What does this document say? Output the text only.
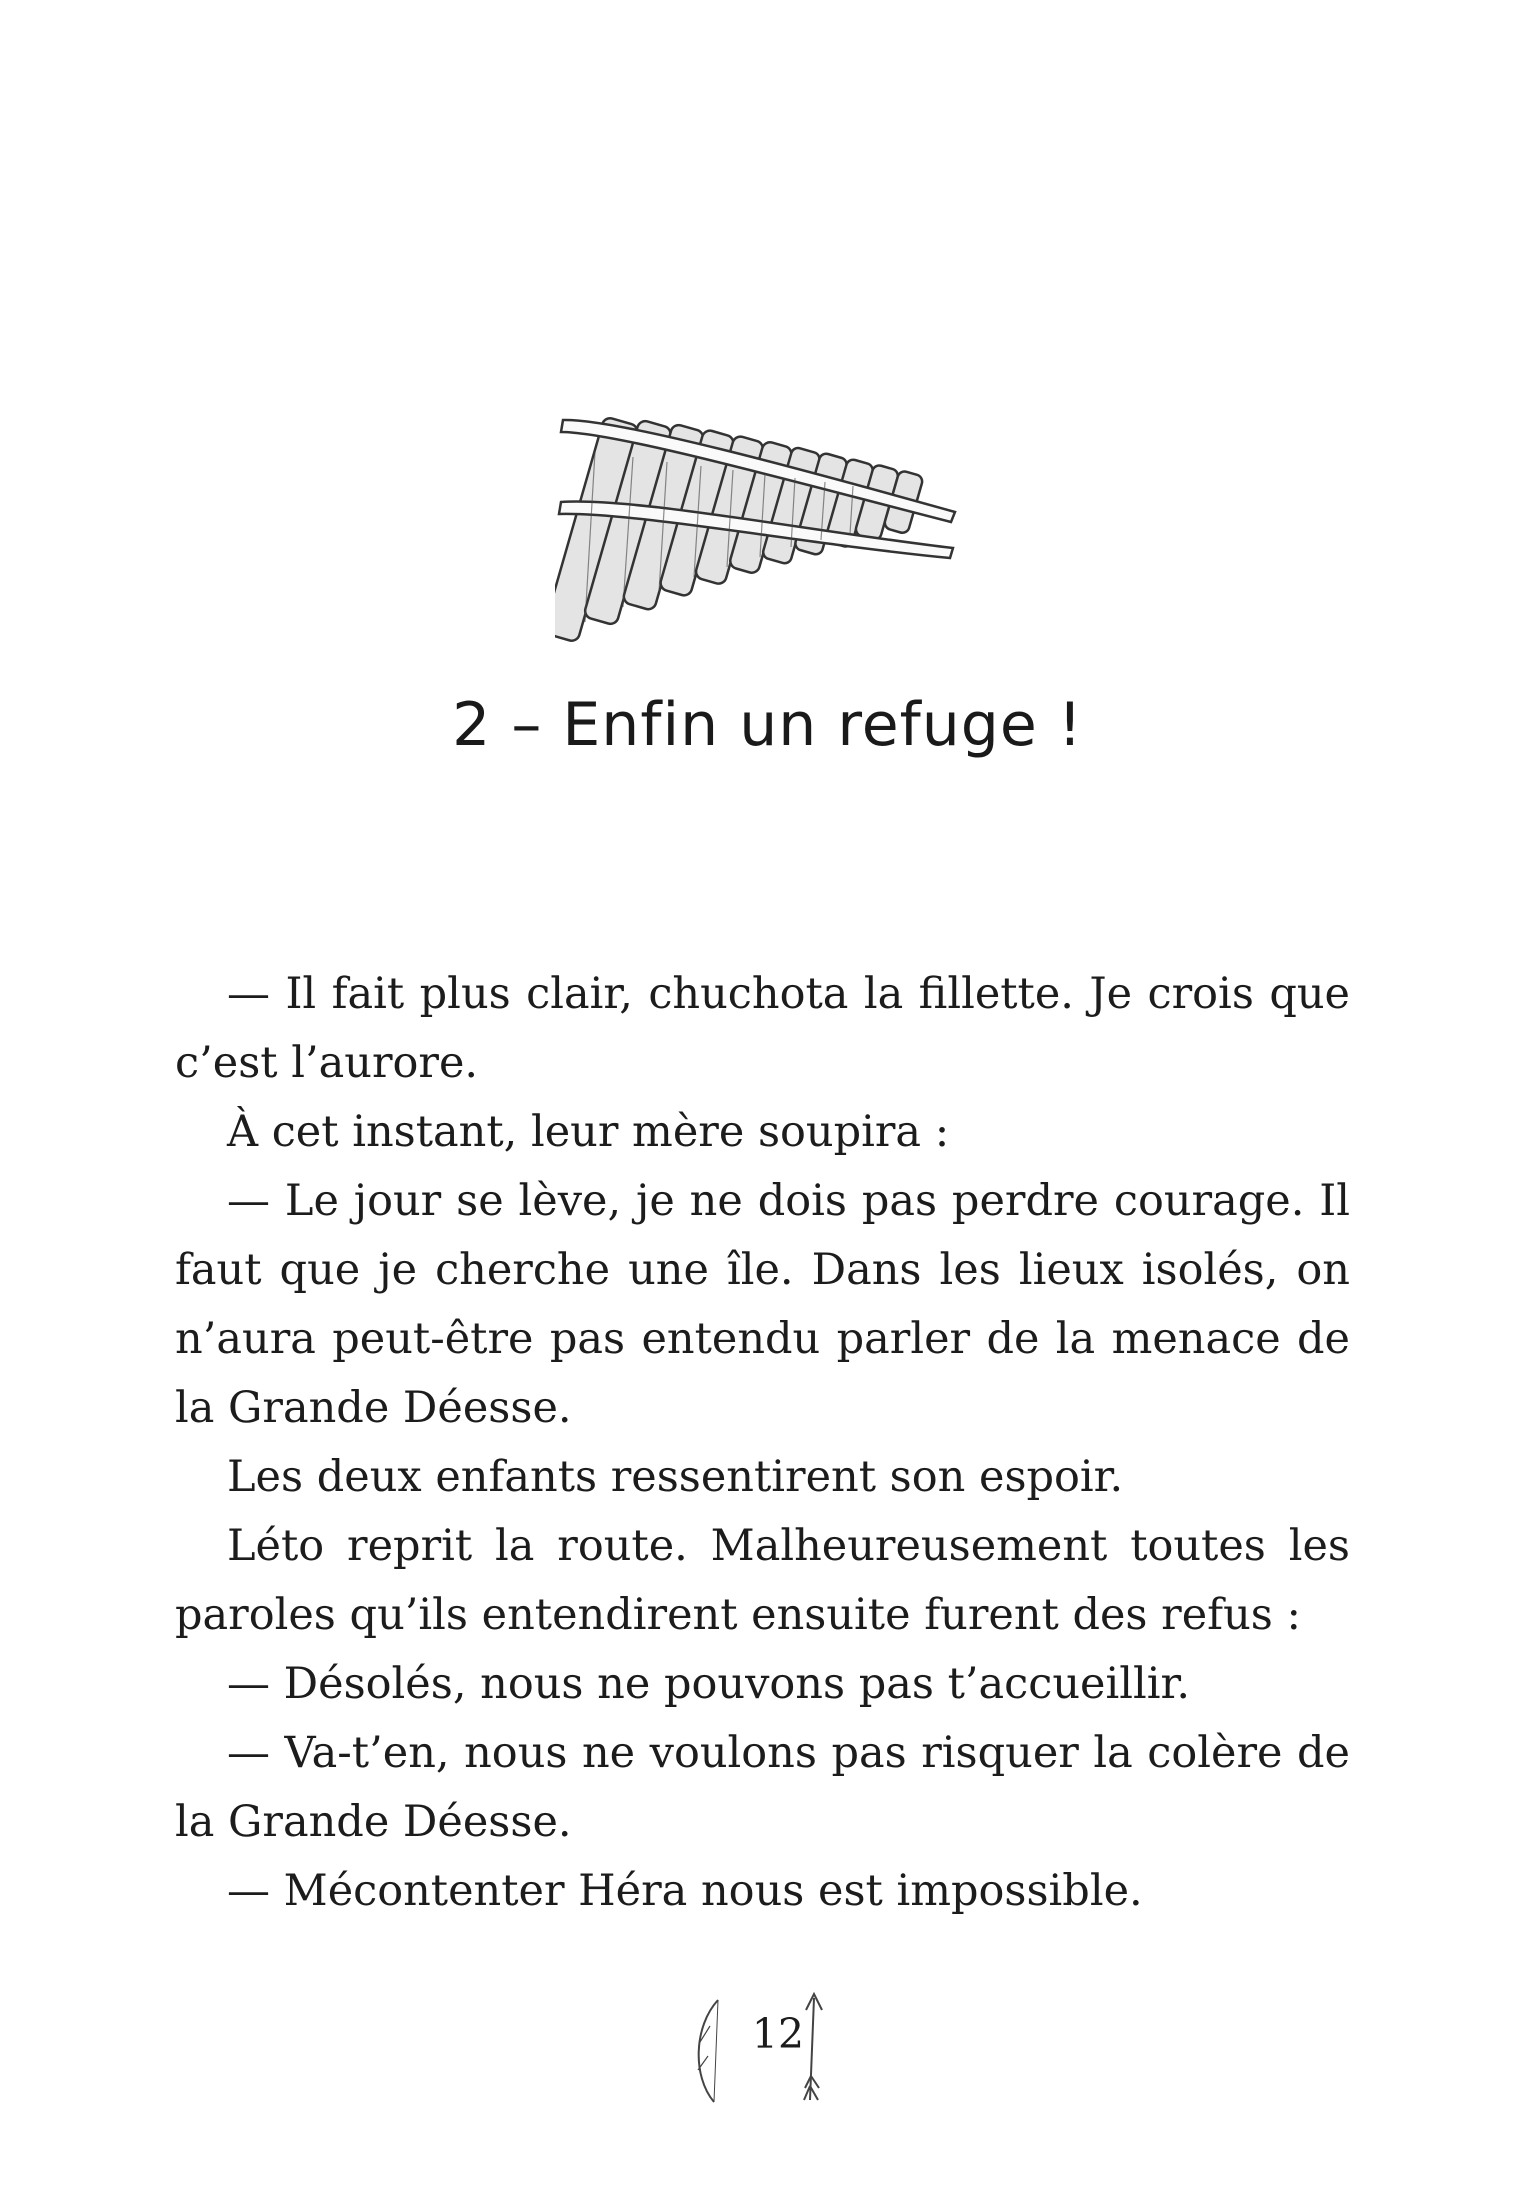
2 – Enfin un refuge !

— Il fait plus clair, chuchota la fillette. Je crois que c’est l’aurore.

À cet instant, leur mère soupira :

— Le jour se lève, je ne dois pas perdre courage. Il faut que je cherche une île. Dans les lieux isolés, on n’aura peut-être pas entendu parler de la menace de la Grande Déesse.

Les deux enfants ressentirent son espoir.

Léto reprit la route. Malheureusement toutes les paroles qu’ils entendirent ensuite furent des refus :

— Désolés, nous ne pouvons pas t’accueillir.

— Va-t’en, nous ne voulons pas risquer la colère de la Grande Déesse.

— Mécontenter Héra nous est impossible.

12
